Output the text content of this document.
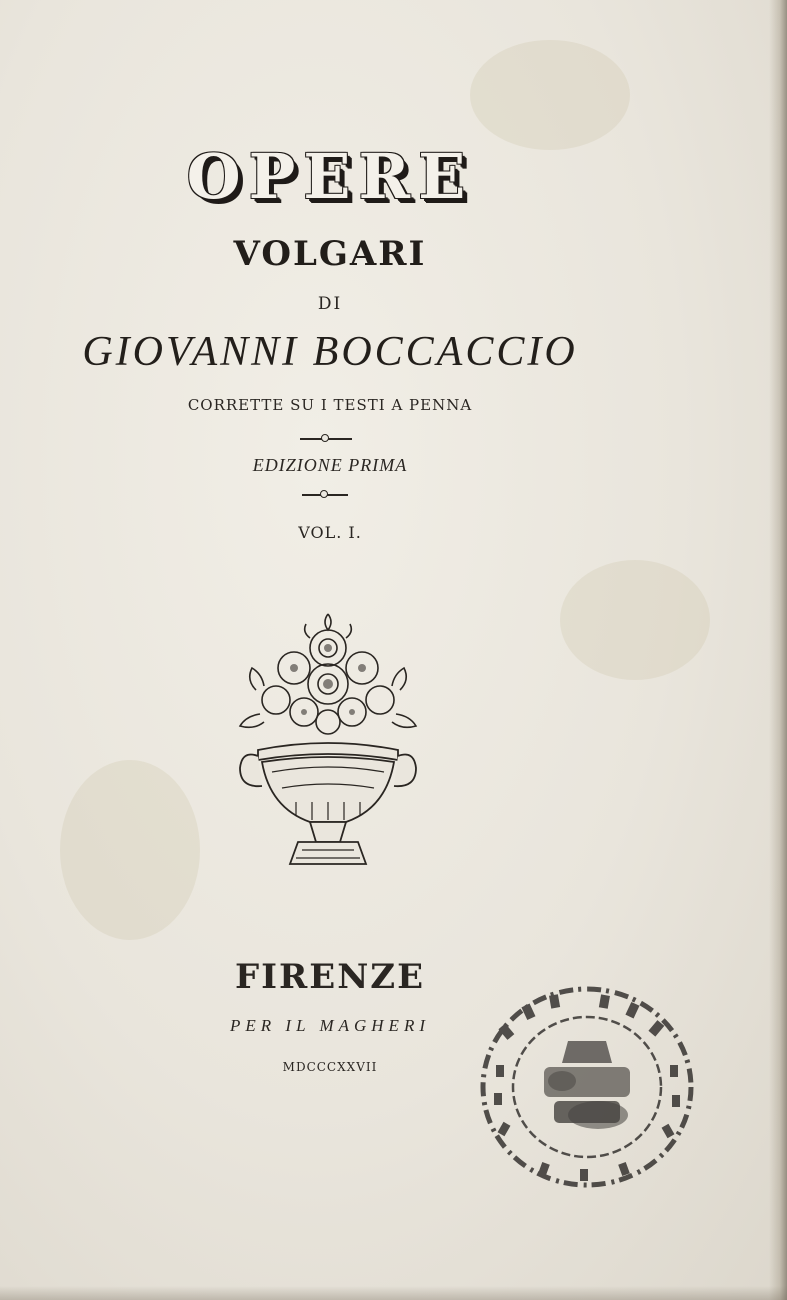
OPERE
VOLGARI
DI
GIOVANNI BOCCACCIO
CORRETTE SU I TESTI A PENNA
EDIZIONE PRIMA
VOL. I.
FIRENZE
PER IL MAGHERI
MDCCCXXVII
